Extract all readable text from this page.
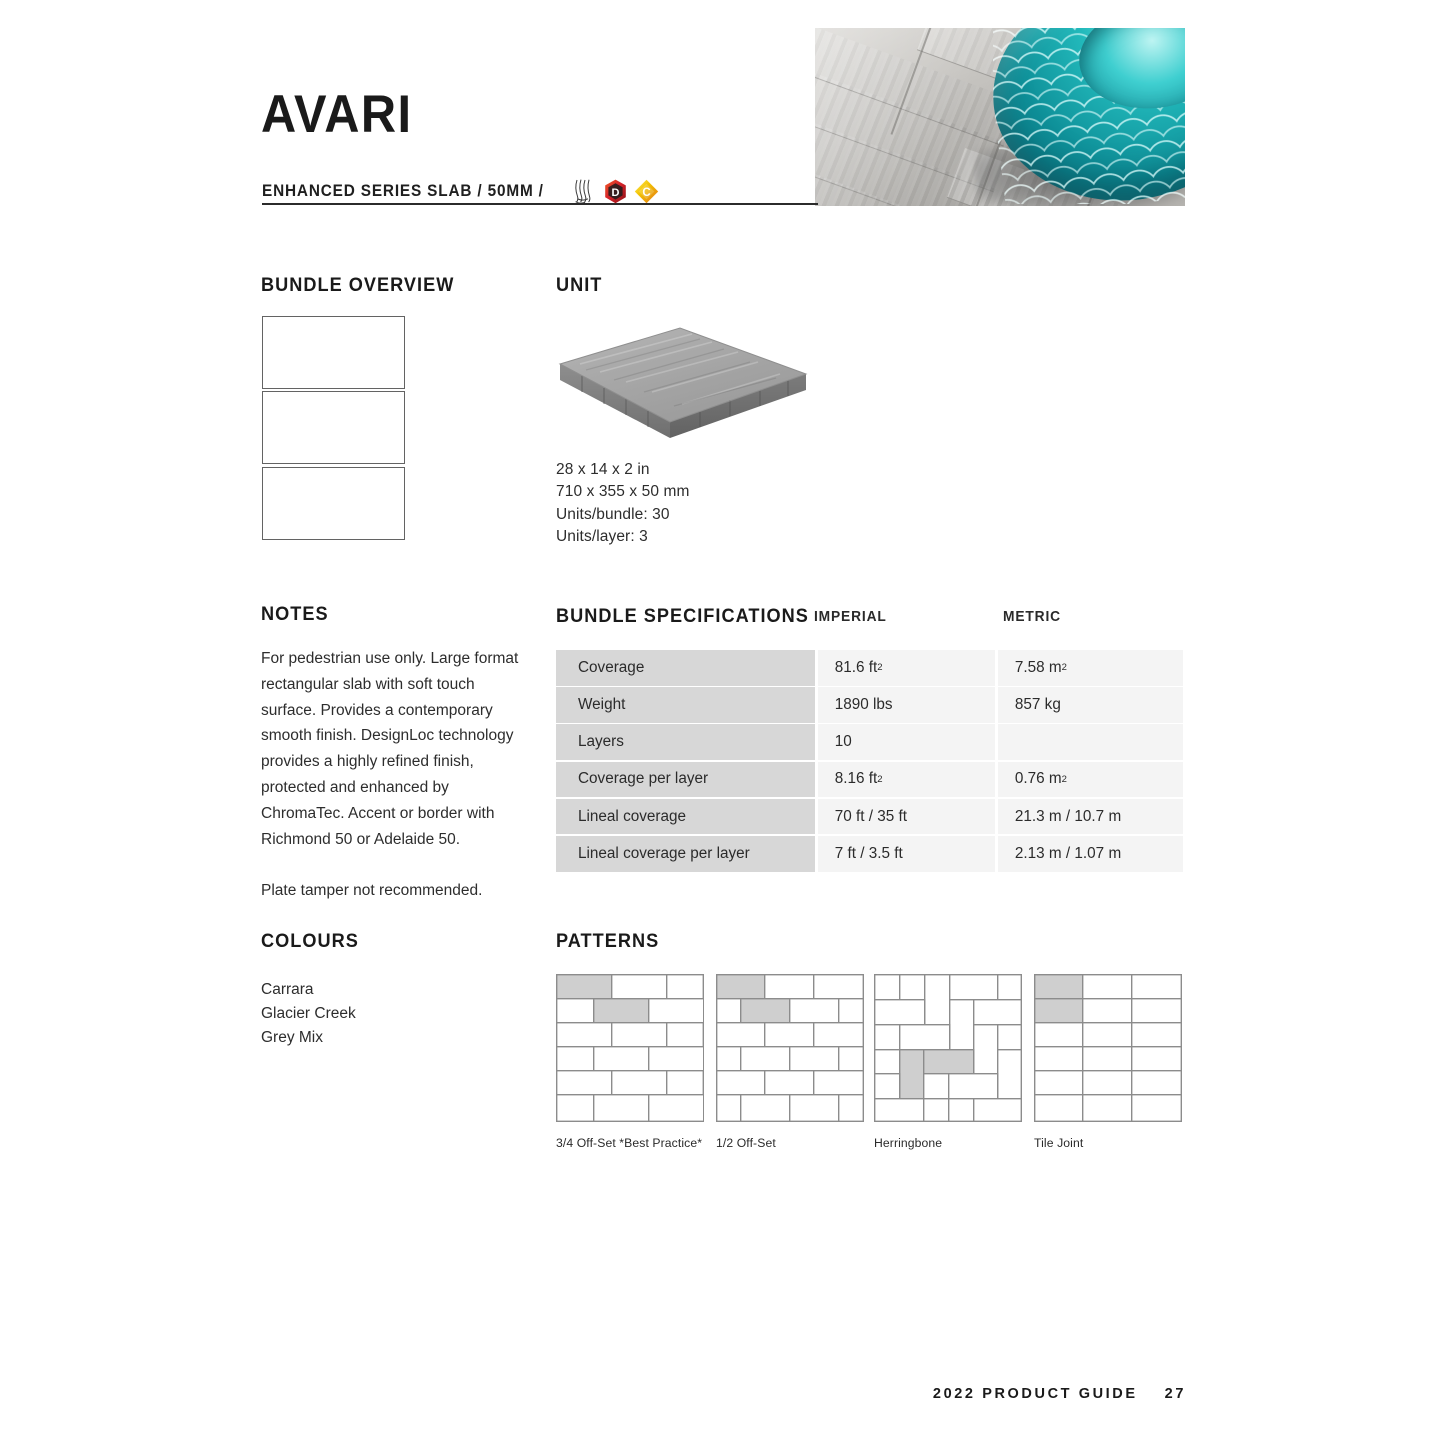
AVARI
ENHANCED SERIES SLAB / 50MM /	D C
BUNDLE OVERVIEW	UNIT
28 x 14 x 2 in
710 x 355 x 50 mm
Units/bundle: 30
Units/layer: 3
NOTES

For pedestrian use only. Large format rectangular slab with soft touch surface. Provides a contemporary smooth finish. DesignLoc technology provides a highly refined finish, protected and enhanced by ChromaTec. Accent or border with Richmond 50 or Adelaide 50.

Plate tamper not recommended.

BUNDLE SPECIFICATIONS IMPERIAL	METRIC
Coverage	81.6 ft 2	7.58 m 2
Weight	1890 lbs	857 kg
Layers	10
Coverage per layer	8.16 ft 2	0.76 m 2
Lineal coverage	70 ft / 35 ft	21.3 m / 10.7 m
Lineal coverage per layer	7 ft / 3.5 ft	2.13 m / 1.07 m
COLOURS
Carrara
Glacier Creek
Grey Mix
PATTERNS
3/4 Off-Set *Best Practice* 1/2 Off-Set	Herringbone	Tile Joint
2022 PRODUCT GUIDE 27
